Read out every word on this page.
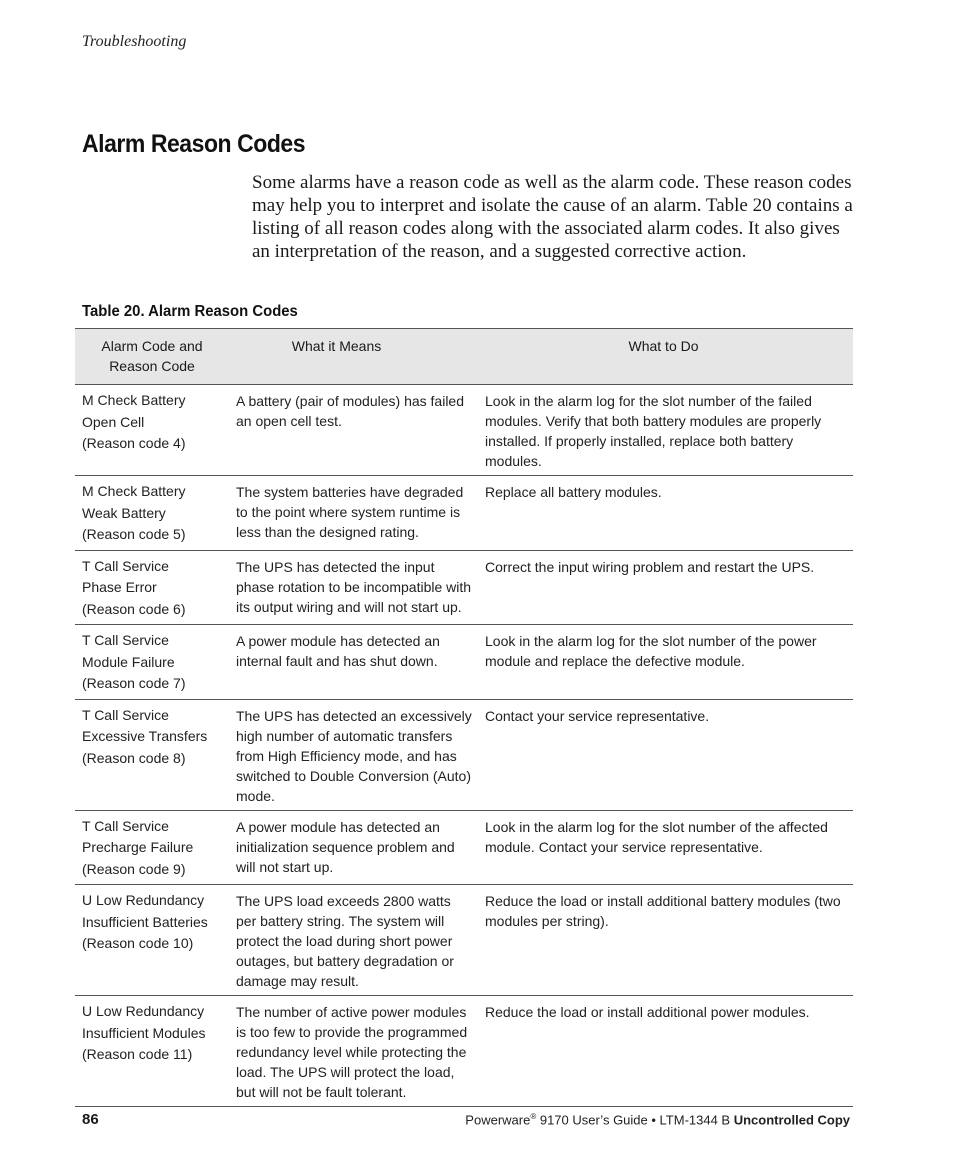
Troubleshooting
Alarm Reason Codes

Some alarms have a reason code as well as the alarm code. These reason codes may help you to interpret and isolate the cause of an alarm. Table 20 contains a listing of all reason codes along with the associated alarm codes. It also gives an interpretation of the reason, and a suggested corrective action.

Table 20. Alarm Reason Codes
Alarm Code and Reason Code	What it Means	What to Do

M Check Battery
Open Cell
(Reason code 4)	A battery (pair of modules) has failed an open cell test.	Look in the alarm log for the slot number of the failed modules. Verify that both battery modules are properly installed. If properly installed, replace both battery modules.

M Check Battery
Weak Battery
(Reason code 5)	The system batteries have degraded to the point where system runtime is less than the designed rating.	Replace all battery modules.

T Call Service
Phase Error
(Reason code 6)	The UPS has detected the input phase rotation to be incompatible with its output wiring and will not start up.	Correct the input wiring problem and restart the UPS.

T Call Service
Module Failure
(Reason code 7)	A power module has detected an internal fault and has shut down.	Look in the alarm log for the slot number of the power module and replace the defective module.

T Call Service
Excessive Transfers
(Reason code 8)	The UPS has detected an excessively high number of automatic transfers from High Efficiency mode, and has switched to Double Conversion (Auto) mode.	Contact your service representative.

T Call Service
Precharge Failure
(Reason code 9)	A power module has detected an initialization sequence problem and will not start up.	Look in the alarm log for the slot number of the affected module. Contact your service representative.

U Low Redundancy
Insufficient Batteries
(Reason code 10)	The UPS load exceeds 2800 watts per battery string. The system will protect the load during short power outages, but battery degradation or damage may result.	Reduce the load or install additional battery modules (two modules per string).

U Low Redundancy
Insufficient Modules
(Reason code 11)	The number of active power modules is too few to provide the programmed redundancy level while protecting the load. The UPS will protect the load, but will not be fault tolerant.	Reduce the load or install additional power modules.
86	Powerware® 9170 User’s Guide • LTM-1344 B Uncontrolled Copy
